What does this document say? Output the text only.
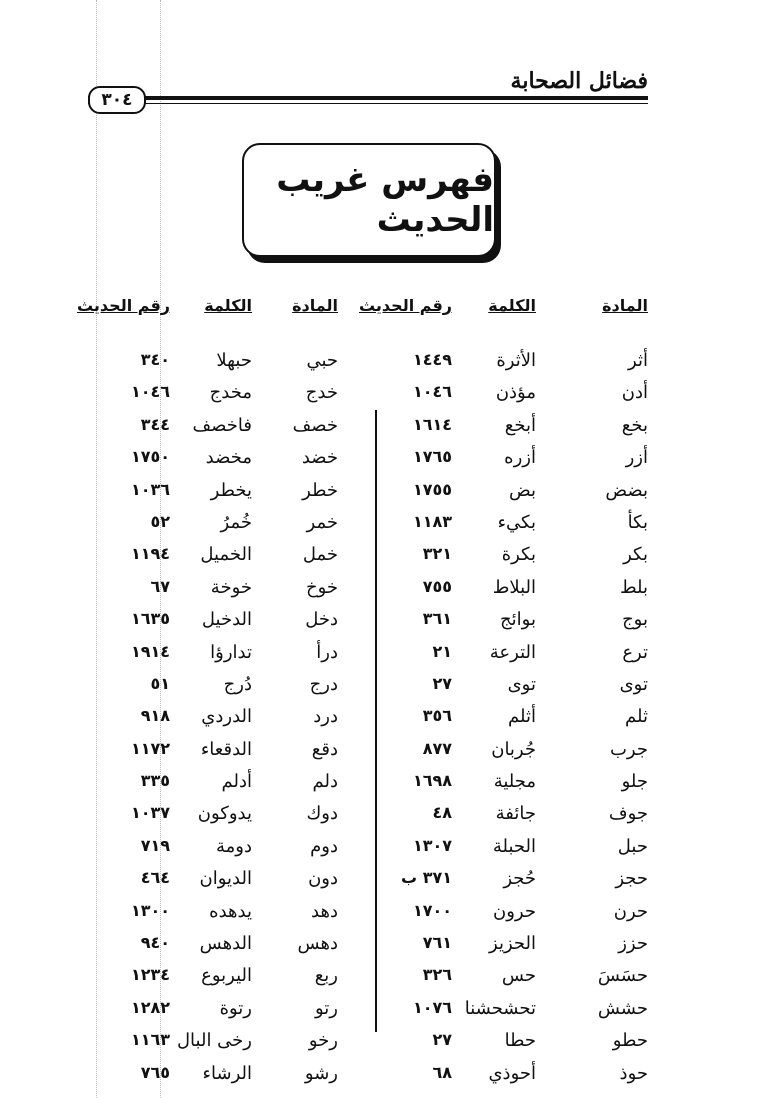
فضائل الصحابة
٣٠٤
فهرس غريب الحديث
المادة
الكلمة
رقم الحديث
المادة
الكلمة
رقم الحديث
أثر
الأثرة
١٤٤٩
حبي
حبهلا
٣٤٠
أدن
مؤذن
١٠٤٦
خدج
مخدج
١٠٤٦
بخع
أبخع
١٦١٤
خصف
فاخصف
٣٤٤
أزر
أزره
١٧٦٥
خضد
مخضد
١٧٥٠
بضض
بض
١٧٥٥
خطر
يخطر
١٠٣٦
بكأ
بكيء
١١٨٣
خمر
خُمرُ
٥٢
بكر
بكرة
٣٢١
خمل
الخميل
١١٩٤
بلط
البلاط
٧٥٥
خوخ
خوخة
٦٧
بوج
بوائج
٣٦١
دخل
الدخيل
١٦٣٥
ترع
الترعة
٢١
درأ
تدارؤا
١٩١٤
توى
توى
٢٧
درج
دُرج
٥١
ثلم
أثلم
٣٥٦
درد
الدردي
٩١٨
جرب
جُربان
٨٧٧
دقع
الدقعاء
١١٧٢
جلو
مجلية
١٦٩٨
دلم
أدلم
٣٣٥
جوف
جائفة
٤٨
دوك
يدوكون
١٠٣٧
حبل
الحبلة
١٣٠٧
دوم
دومة
٧١٩
حجز
حُجز
٣٧١ ب
دون
الديوان
٤٦٤
حرن
حرون
١٧٠٠
دهد
يدهده
١٣٠٠
حزز
الحزيز
٧٦١
دهس
الدهس
٩٤٠
حسَسَ
حس
٣٢٦
ربع
اليربوع
١٢٣٤
حشش
تحشحشنا
١٠٧٦
رتو
رتوة
١٢٨٢
حطو
حطا
٢٧
رخو
رخى البال
١١٦٣
حوذ
أحوذي
٦٨
رشو
الرشاء
٧٦٥
